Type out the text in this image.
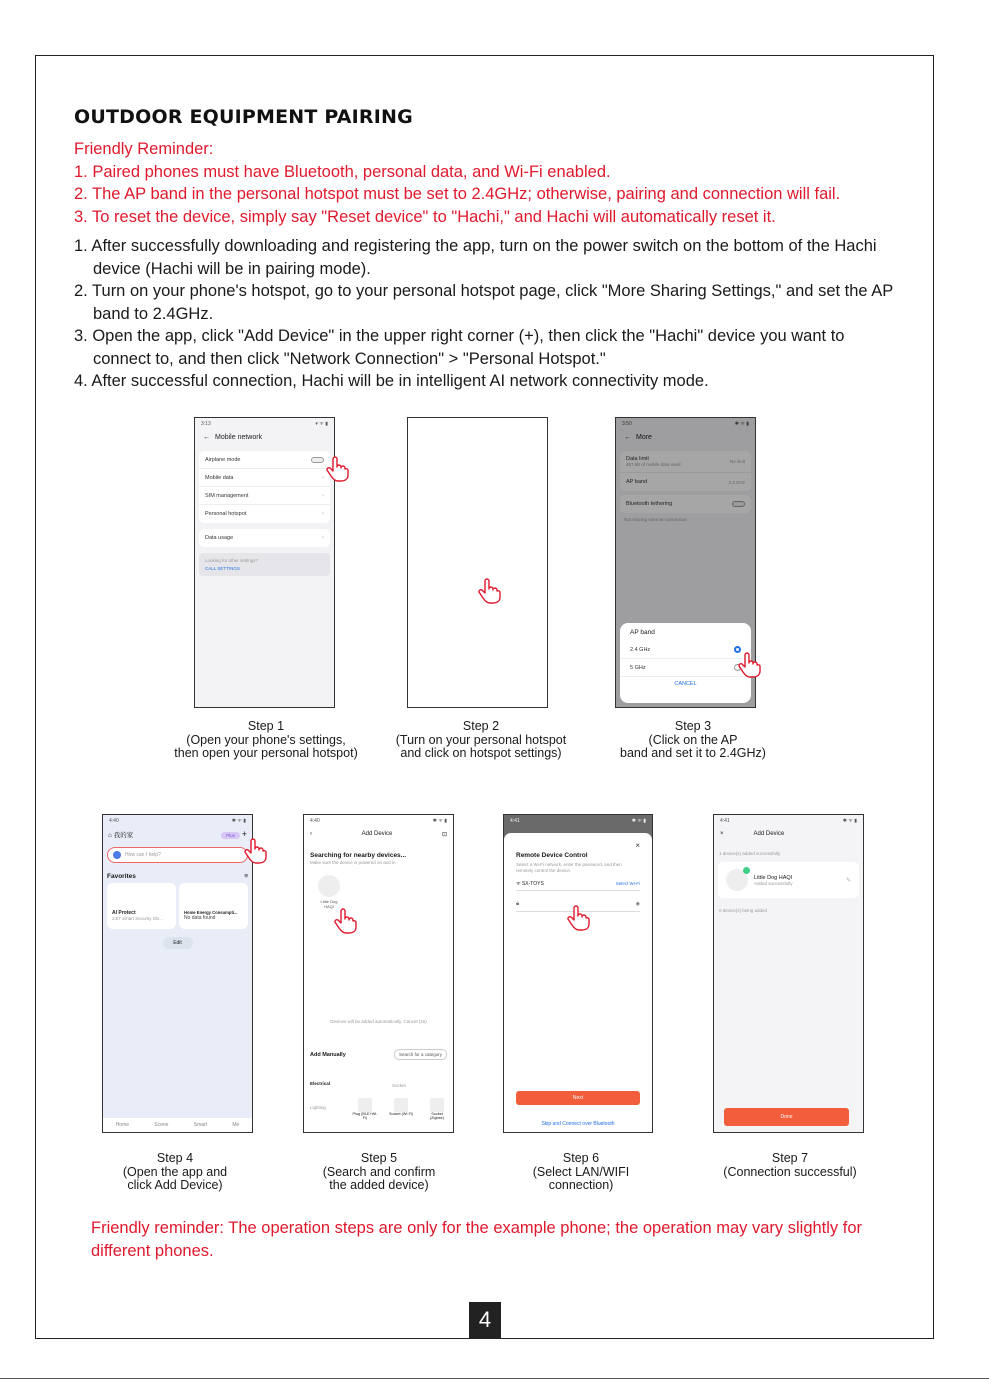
OUTDOOR EQUIPMENT PAIRING
Friendly Reminder:
1. Paired phones must have Bluetooth, personal data, and Wi-Fi enabled.
2. The AP band in the personal hotspot must be set to 2.4GHz; otherwise, pairing and connection will fail.
3. To reset the device, simply say "Reset device" to "Hachi," and Hachi will automatically reset it.

1. After successfully downloading and registering the app, turn on the power switch on the bottom of the Hachi device (Hachi will be in pairing mode).

2. Turn on your phone's hotspot, go to your personal hotspot page, click "More Sharing Settings," and set the AP band to 2.4GHz.

3. Open the app, click "Add Device" in the upper right corner (+), then click the "Hachi" device you want to connect to, and then click "Network Connection" > "Personal Hotspot."

4. After successful connection, Hachi will be in intelligent AI network connectivity mode.

3:13	▾ ᯤ ▮
← Mobile network
Airplane mode
Mobile data	›
SIM management	›
Personal hotspot	›
Data usage	›
Looking for other settings?
CALL SETTINGS
3:50	✱ ᯤ ▮
← More
Data limit
457 kB of mobile data used	No limit
AP band	2.4 GHz
Bluetooth tethering
Not sharing Internet connection
AP band
2.4 GHz
5 GHz
CANCEL
Step 1
(Open your phone's settings,
then open your personal hotspot)
Step 2
(Turn on your personal hotspot
and click on hotspot settings)
Step 3
(Click on the AP
band and set it to 2.4GHz)
4:40	✱ ᯤ ▮
⌂ 我的家	Plus +
How can I help?
Favorites	≡
AI Protect
24/7 Smart Security Dis...
Home Energy Consumpti...
No data found
Edit
Home	Scene	Smart	Me
4:40	✱ ᯤ ▮
‹	Add Device	⊡
Searching for nearby devices...
Make sure the device is powered on and in
Little Dog HAQI
Devices will be added automatically. Cancel (15)
Add Manually	Search for a category
Electrical	Socket
Lighting
Plug (BLE+Wi-Fi)
Socket (Wi-Fi)	Socket (Zigbee)
4:41	✱ ᯤ ▮
×
Remote Device Control
Select a Wi-Fi network, enter the password, and then remotely control the device.
ᯤ SX-TOYS	Select Wi-Fi
🔒︎	◉
Next
Skip and Connect over Bluetooth
4:41	✱ ᯤ ▮
×	Add Device
1 device(s) added successfully
Little Dog HAQI
Added successfully	✎
0 device(s) being added
Done
Step 4
(Open the app and
click Add Device)
Step 5
(Search and confirm
the added device)
Step 6
(Select LAN/WIFI
connection)
Step 7
(Connection successful)
Friendly reminder: The operation steps are only for the example phone; the operation may vary slightly for different phones.
4
